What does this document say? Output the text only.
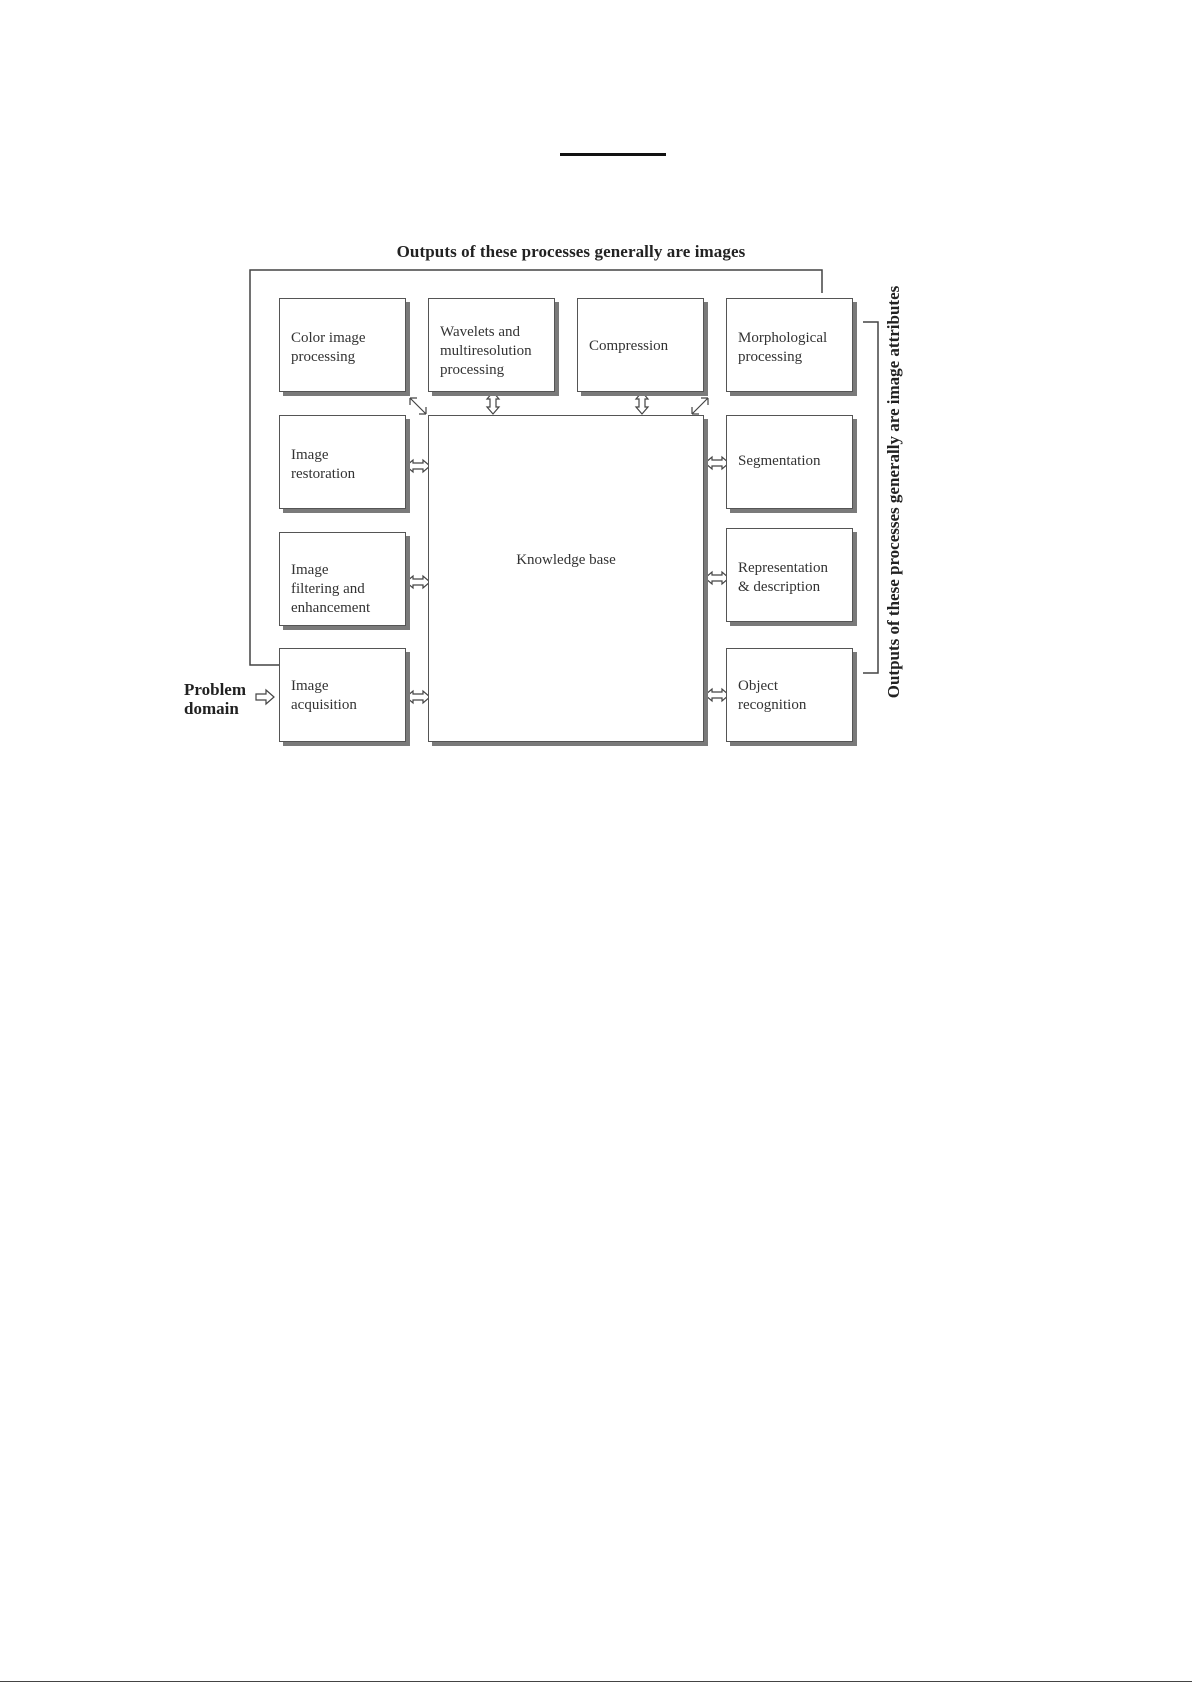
Outputs of these processes generally are images
Outputs of these processes generally are image attributes
Problem
domain
Color image
processing
Image
restoration
Image
filtering and
enhancement
Image
acquisition
Wavelets and
multiresolution
processing
Compression	Morphological
processing
Segmentation
Representation
& description
Object
recognition
Knowledge base
